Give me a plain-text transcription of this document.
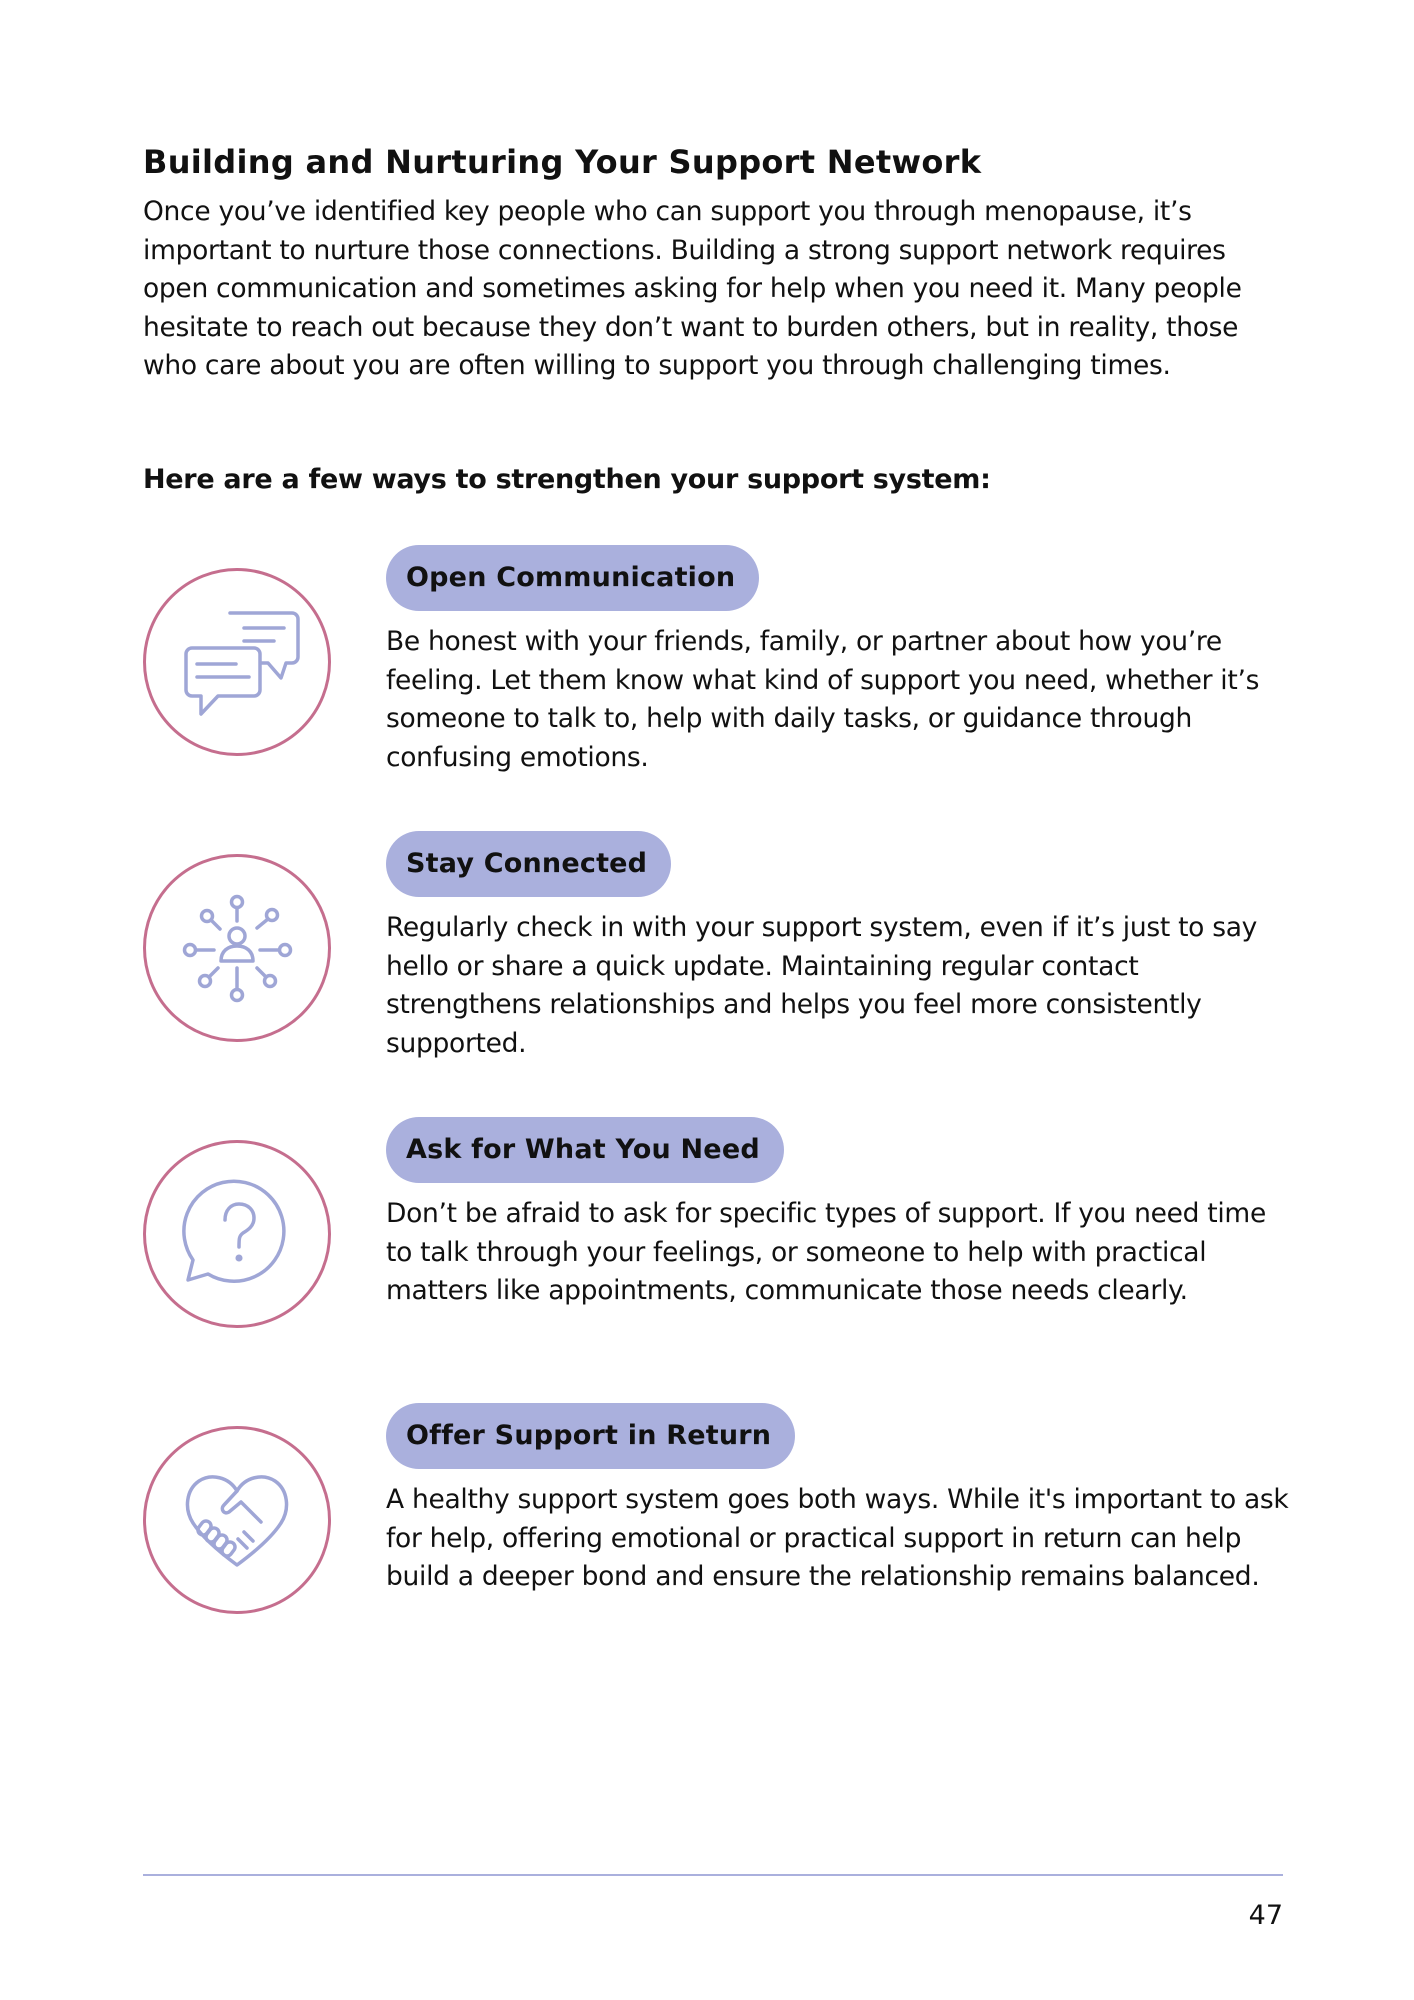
Building and Nurturing Your Support Network

Once you’ve identified key people who can support you through menopause, it’s important to nurture those connections. Building a strong support network requires open communication and sometimes asking for help when you need it. Many people hesitate to reach out because they don’t want to burden others, but in reality, those who care about you are often willing to support you through challenging times.

Here are a few ways to strengthen your support system:

Open Communication

Be honest with your friends, family, or partner about how you’re feeling. Let them know what kind of support you need, whether it’s someone to talk to, help with daily tasks, or guidance through confusing emotions.

Stay Connected

Regularly check in with your support system, even if it’s just to say hello or share a quick update. Maintaining regular contact strengthens relationships and helps you feel more consistently supported.

Ask for What You Need

Don’t be afraid to ask for specific types of support. If you need time to talk through your feelings, or someone to help with practical matters like appointments, communicate those needs clearly.

Offer Support in Return

A healthy support system goes both ways. While it's important to ask for help, offering emotional or practical support in return can help build a deeper bond and ensure the relationship remains balanced.

47
